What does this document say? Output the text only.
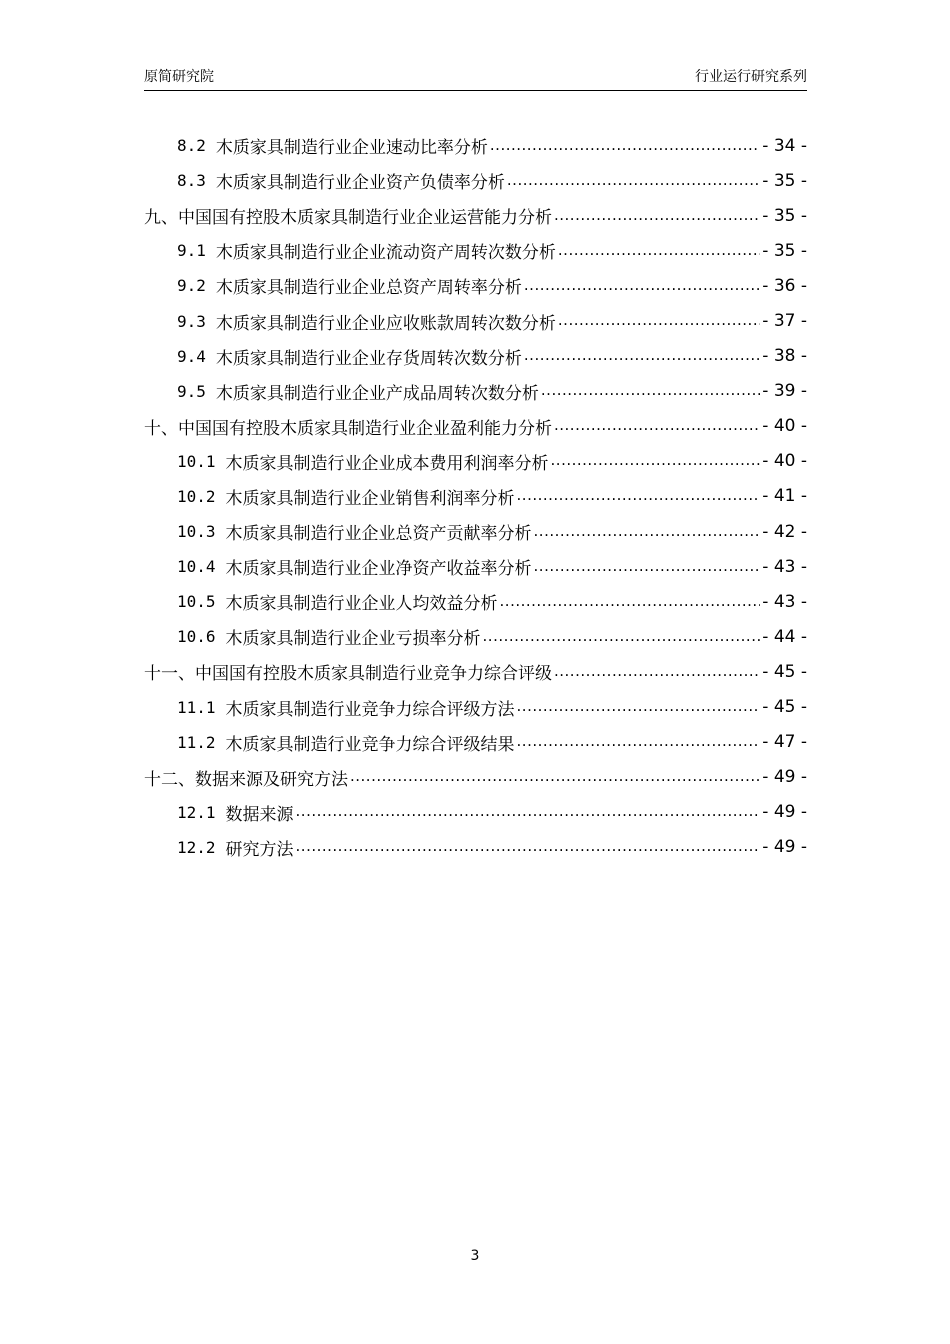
原简研究院	行业运行研究系列
8.2 木质家具制造行业企业速动比率分析 .....	- 34 -
8.3 木质家具制造行业企业资产负债率分析 .....	- 35 -
九、中国国有控股木质家具制造行业企业运营能力分析 .....	- 35 -
9.1 木质家具制造行业企业流动资产周转次数分析 .....	- 35 -
9.2 木质家具制造行业企业总资产周转率分析 .....	- 36 -
9.3 木质家具制造行业企业应收账款周转次数分析 .....	- 37 -
9.4 木质家具制造行业企业存货周转次数分析 .....	- 38 -
9.5 木质家具制造行业企业产成品周转次数分析 .....	- 39 -
十、中国国有控股木质家具制造行业企业盈利能力分析 .....	- 40 -
10.1 木质家具制造行业企业成本费用利润率分析 .....	- 40 -
10.2 木质家具制造行业企业销售利润率分析 .....	- 41 -
10.3 木质家具制造行业企业总资产贡献率分析 .....	- 42 -
10.4 木质家具制造行业企业净资产收益率分析 .....	- 43 -
10.5 木质家具制造行业企业人均效益分析 .....	- 43 -
10.6 木质家具制造行业企业亏损率分析 .....	- 44 -
十一、中国国有控股木质家具制造行业竞争力综合评级 .....	- 45 -
11.1 木质家具制造行业竞争力综合评级方法 .....	- 45 -
11.2 木质家具制造行业竞争力综合评级结果 .....	- 47 -
十二、数据来源及研究方法 .....	- 49 -
12.1 数据来源 .....	- 49 -
12.2 研究方法 .....	- 49 -
3
